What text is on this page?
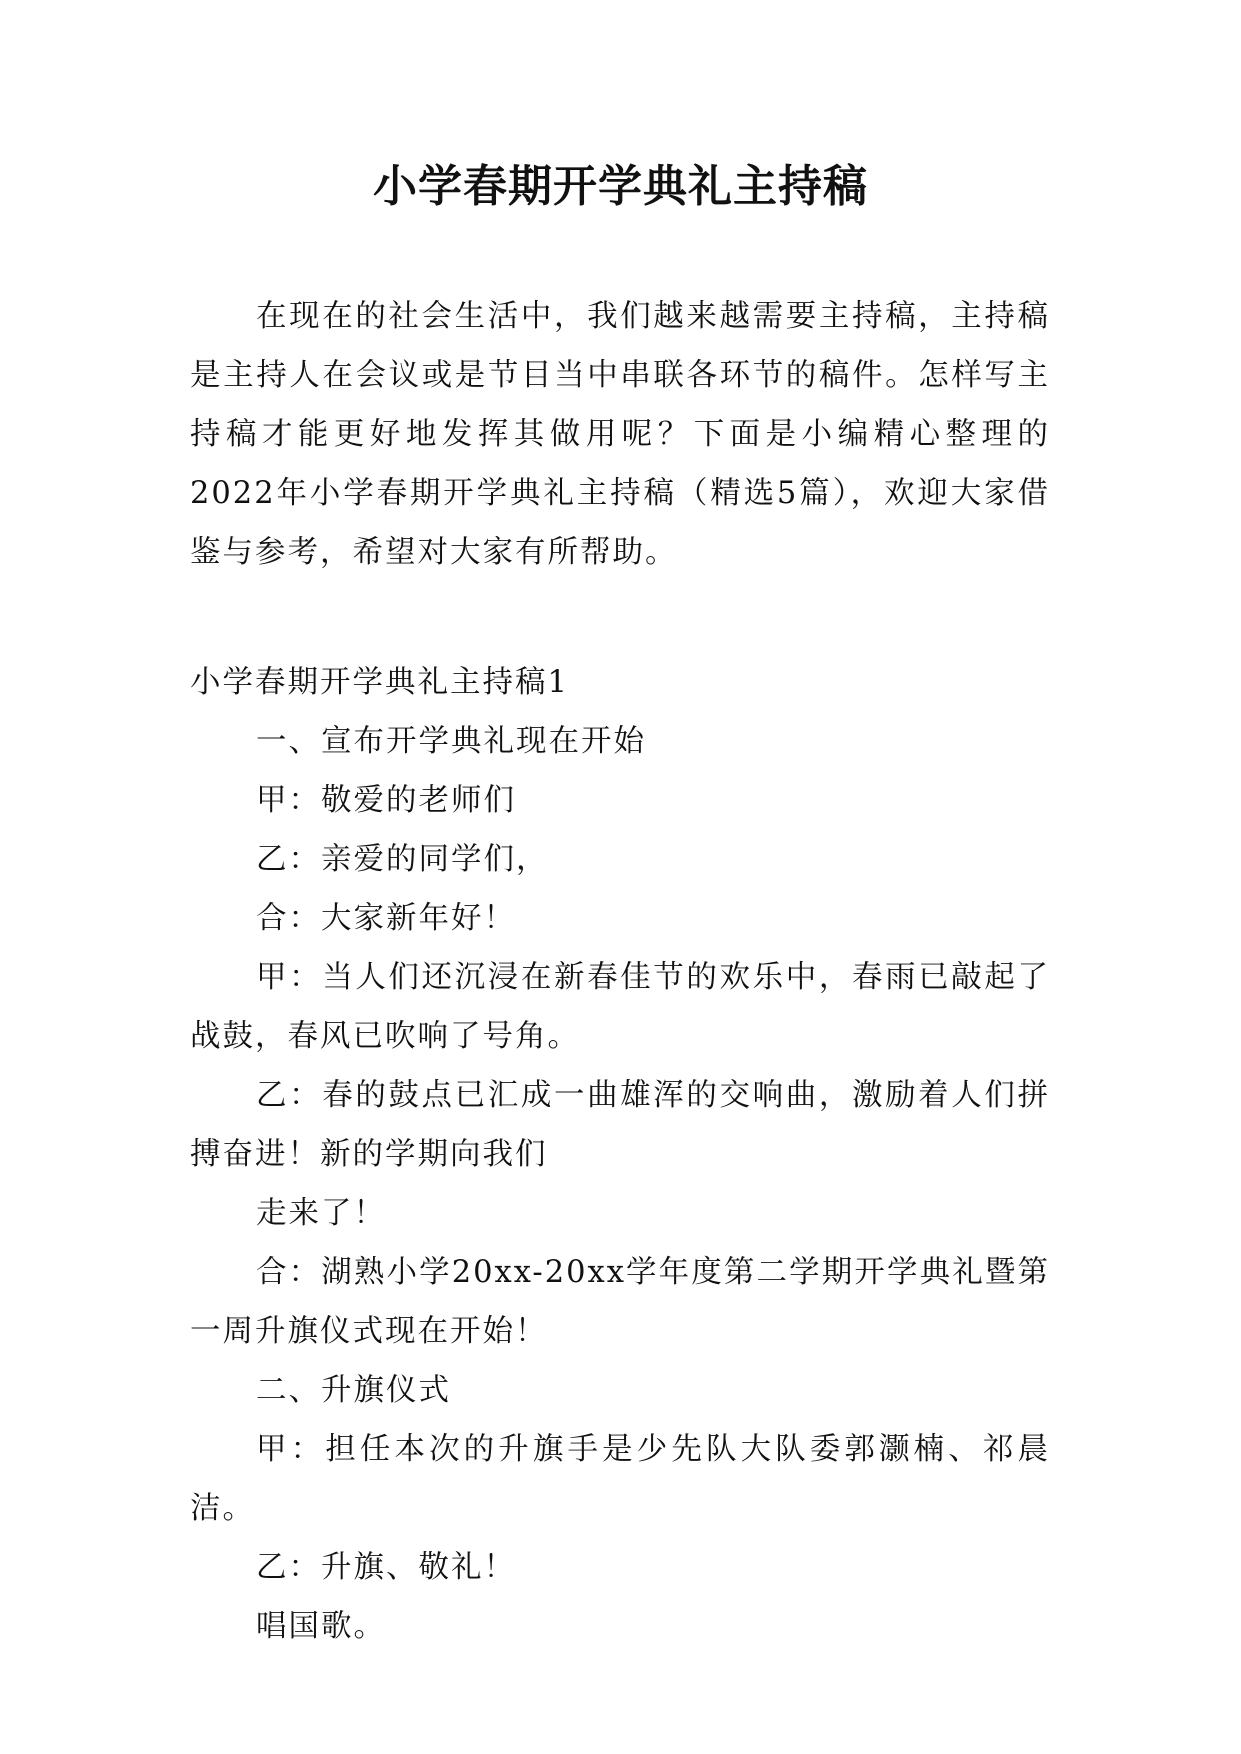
小学春期开学典礼主持稿

在现在的社会生活中，我们越来越需要主持稿，主持稿是主持人在会议或是节目当中串联各环节的稿件。怎样写主持稿才能更好地发挥其做用呢？下面是小编精心整理的2022年小学春期开学典礼主持稿（精选5篇），欢迎大家借鉴与参考，希望对大家有所帮助。

小学春期开学典礼主持稿1

一、宣布开学典礼现在开始

甲：敬爱的老师们

乙：亲爱的同学们，

合：大家新年好！

甲：当人们还沉浸在新春佳节的欢乐中，春雨已敲起了战鼓，春风已吹响了号角。

乙：春的鼓点已汇成一曲雄浑的交响曲，激励着人们拼搏奋进！新的学期向我们

走来了！

合：湖熟小学20xx-20xx学年度第二学期开学典礼暨第一周升旗仪式现在开始！

二、升旗仪式

甲：担任本次的升旗手是少先队大队委郭灏楠、祁晨洁。

乙：升旗、敬礼！

唱国歌。
